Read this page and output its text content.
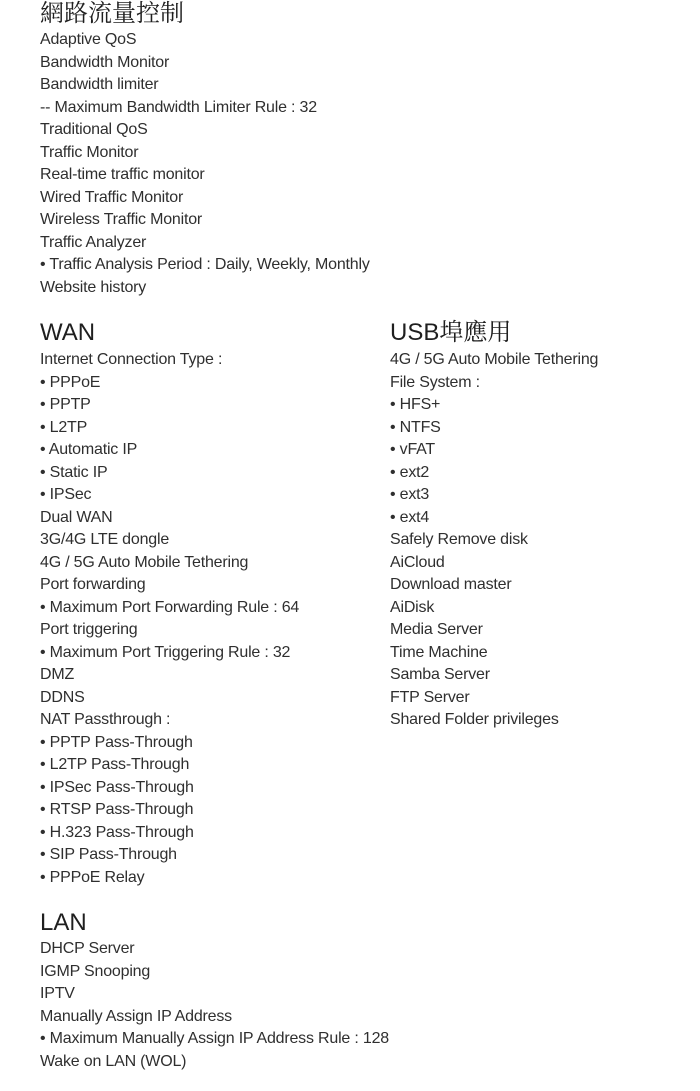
網路流量控制
Adaptive QoS
Bandwidth Monitor
Bandwidth limiter
-- Maximum Bandwidth Limiter Rule : 32
Traditional QoS
Traffic Monitor
Real-time traffic monitor
Wired Traffic Monitor
Wireless Traffic Monitor
Traffic Analyzer
• Traffic Analysis Period : Daily, Weekly, Monthly
Website history
WAN
Internet Connection Type :
• PPPoE
• PPTP
• L2TP
• Automatic IP
• Static IP
• IPSec
Dual WAN
3G/4G LTE dongle
4G / 5G Auto Mobile Tethering
Port forwarding
• Maximum Port Forwarding Rule : 64
Port triggering
• Maximum Port Triggering Rule : 32
DMZ
DDNS
NAT Passthrough :
• PPTP Pass-Through
• L2TP Pass-Through
• IPSec Pass-Through
• RTSP Pass-Through
• H.323 Pass-Through
• SIP Pass-Through
• PPPoE Relay
USB埠應用
4G / 5G Auto Mobile Tethering
File System :
• HFS+
• NTFS
• vFAT
• ext2
• ext3
• ext4
Safely Remove disk
AiCloud
Download master
AiDisk
Media Server
Time Machine
Samba Server
FTP Server
Shared Folder privileges
LAN
DHCP Server
IGMP Snooping
IPTV
Manually Assign IP Address
• Maximum Manually Assign IP Address Rule : 128
Wake on LAN (WOL)
